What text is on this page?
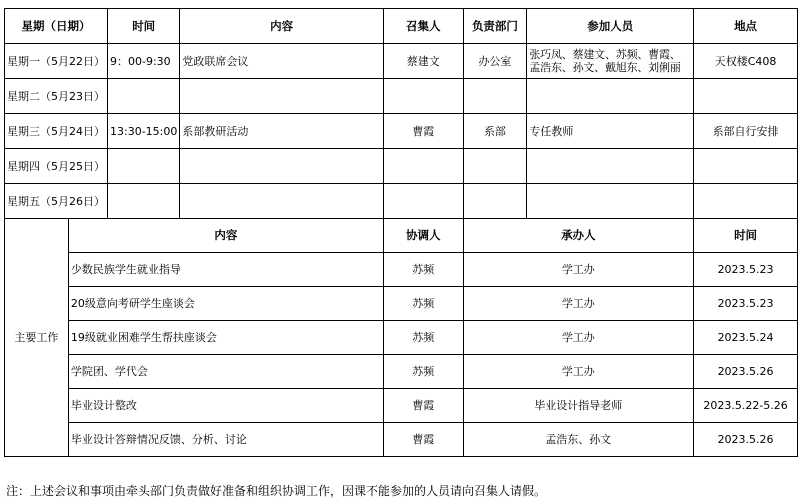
星期（日期）		时间	内容	召集人	负责部门	参加人员	地点
星期一（5月22日）		9：00-9:30	党政联席会议	蔡建文	办公室	张巧凤、蔡建文、苏频、曹霞、孟浩东、孙文、戴旭东、刘俐丽	天权楼C408
星期二（5月23日）							
星期三（5月24日）		13:30-15:00	系部教研活动	曹霞	系部	专任教师	系部自行安排
星期四（5月25日）							
星期五（5月26日）							
主要工作	内容			协调人	承办人		时间
	少数民族学生就业指导			苏频	学工办		2023.5.23
	20级意向考研学生座谈会			苏频	学工办		2023.5.23
	19级就业困难学生帮扶座谈会			苏频	学工办		2023.5.24
	学院团、学代会			苏频	学工办		2023.5.26
	毕业设计整改			曹霞	毕业设计指导老师		2023.5.22-5.26
	毕业设计答辩情况反馈、分析、讨论			曹霞	孟浩东、孙文		2023.5.26
注：上述会议和事项由牵头部门负责做好准备和组织协调工作，因课不能参加的人员请向召集人请假。
